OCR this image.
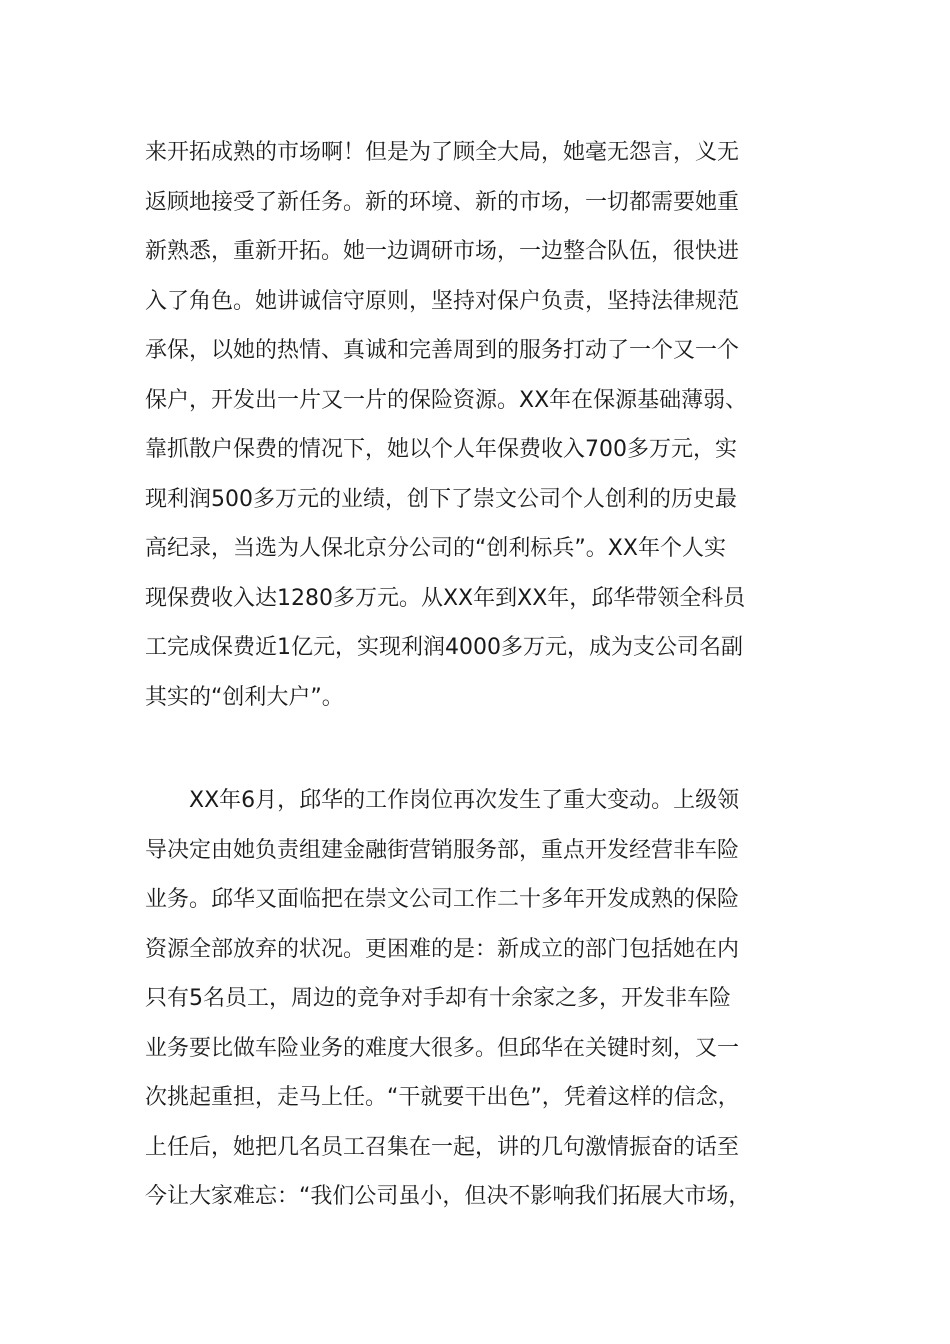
来开拓成熟的市场啊！但是为了顾全大局，她毫无怨言，义无
返顾地接受了新任务。新的环境、新的市场，一切都需要她重
新熟悉，重新开拓。她一边调研市场，一边整合队伍，很快进
入了角色。她讲诚信守原则，坚持对保户负责，坚持法律规范
承保，以她的热情、真诚和完善周到的服务打动了一个又一个
保户，开发出一片又一片的保险资源。XX年在保源基础薄弱、
靠抓散户保费的情况下，她以个人年保费收入700多万元，实
现利润500多万元的业绩，创下了崇文公司个人创利的历史最
高纪录，当选为人保北京分公司的“创利标兵”。XX年个人实
现保费收入达1280多万元。从XX年到XX年，邱华带领全科员
工完成保费近1亿元，实现利润4000多万元，成为支公司名副
其实的“创利大户”。
　　XX年6月，邱华的工作岗位再次发生了重大变动。上级领
导决定由她负责组建金融街营销服务部，重点开发经营非车险
业务。邱华又面临把在崇文公司工作二十多年开发成熟的保险
资源全部放弃的状况。更困难的是：新成立的部门包括她在内
只有5名员工，周边的竞争对手却有十余家之多，开发非车险
业务要比做车险业务的难度大很多。但邱华在关键时刻，又一
次挑起重担，走马上任。“干就要干出色”，凭着这样的信念，
上任后，她把几名员工召集在一起，讲的几句激情振奋的话至
今让大家难忘：“我们公司虽小，但决不影响我们拓展大市场，
